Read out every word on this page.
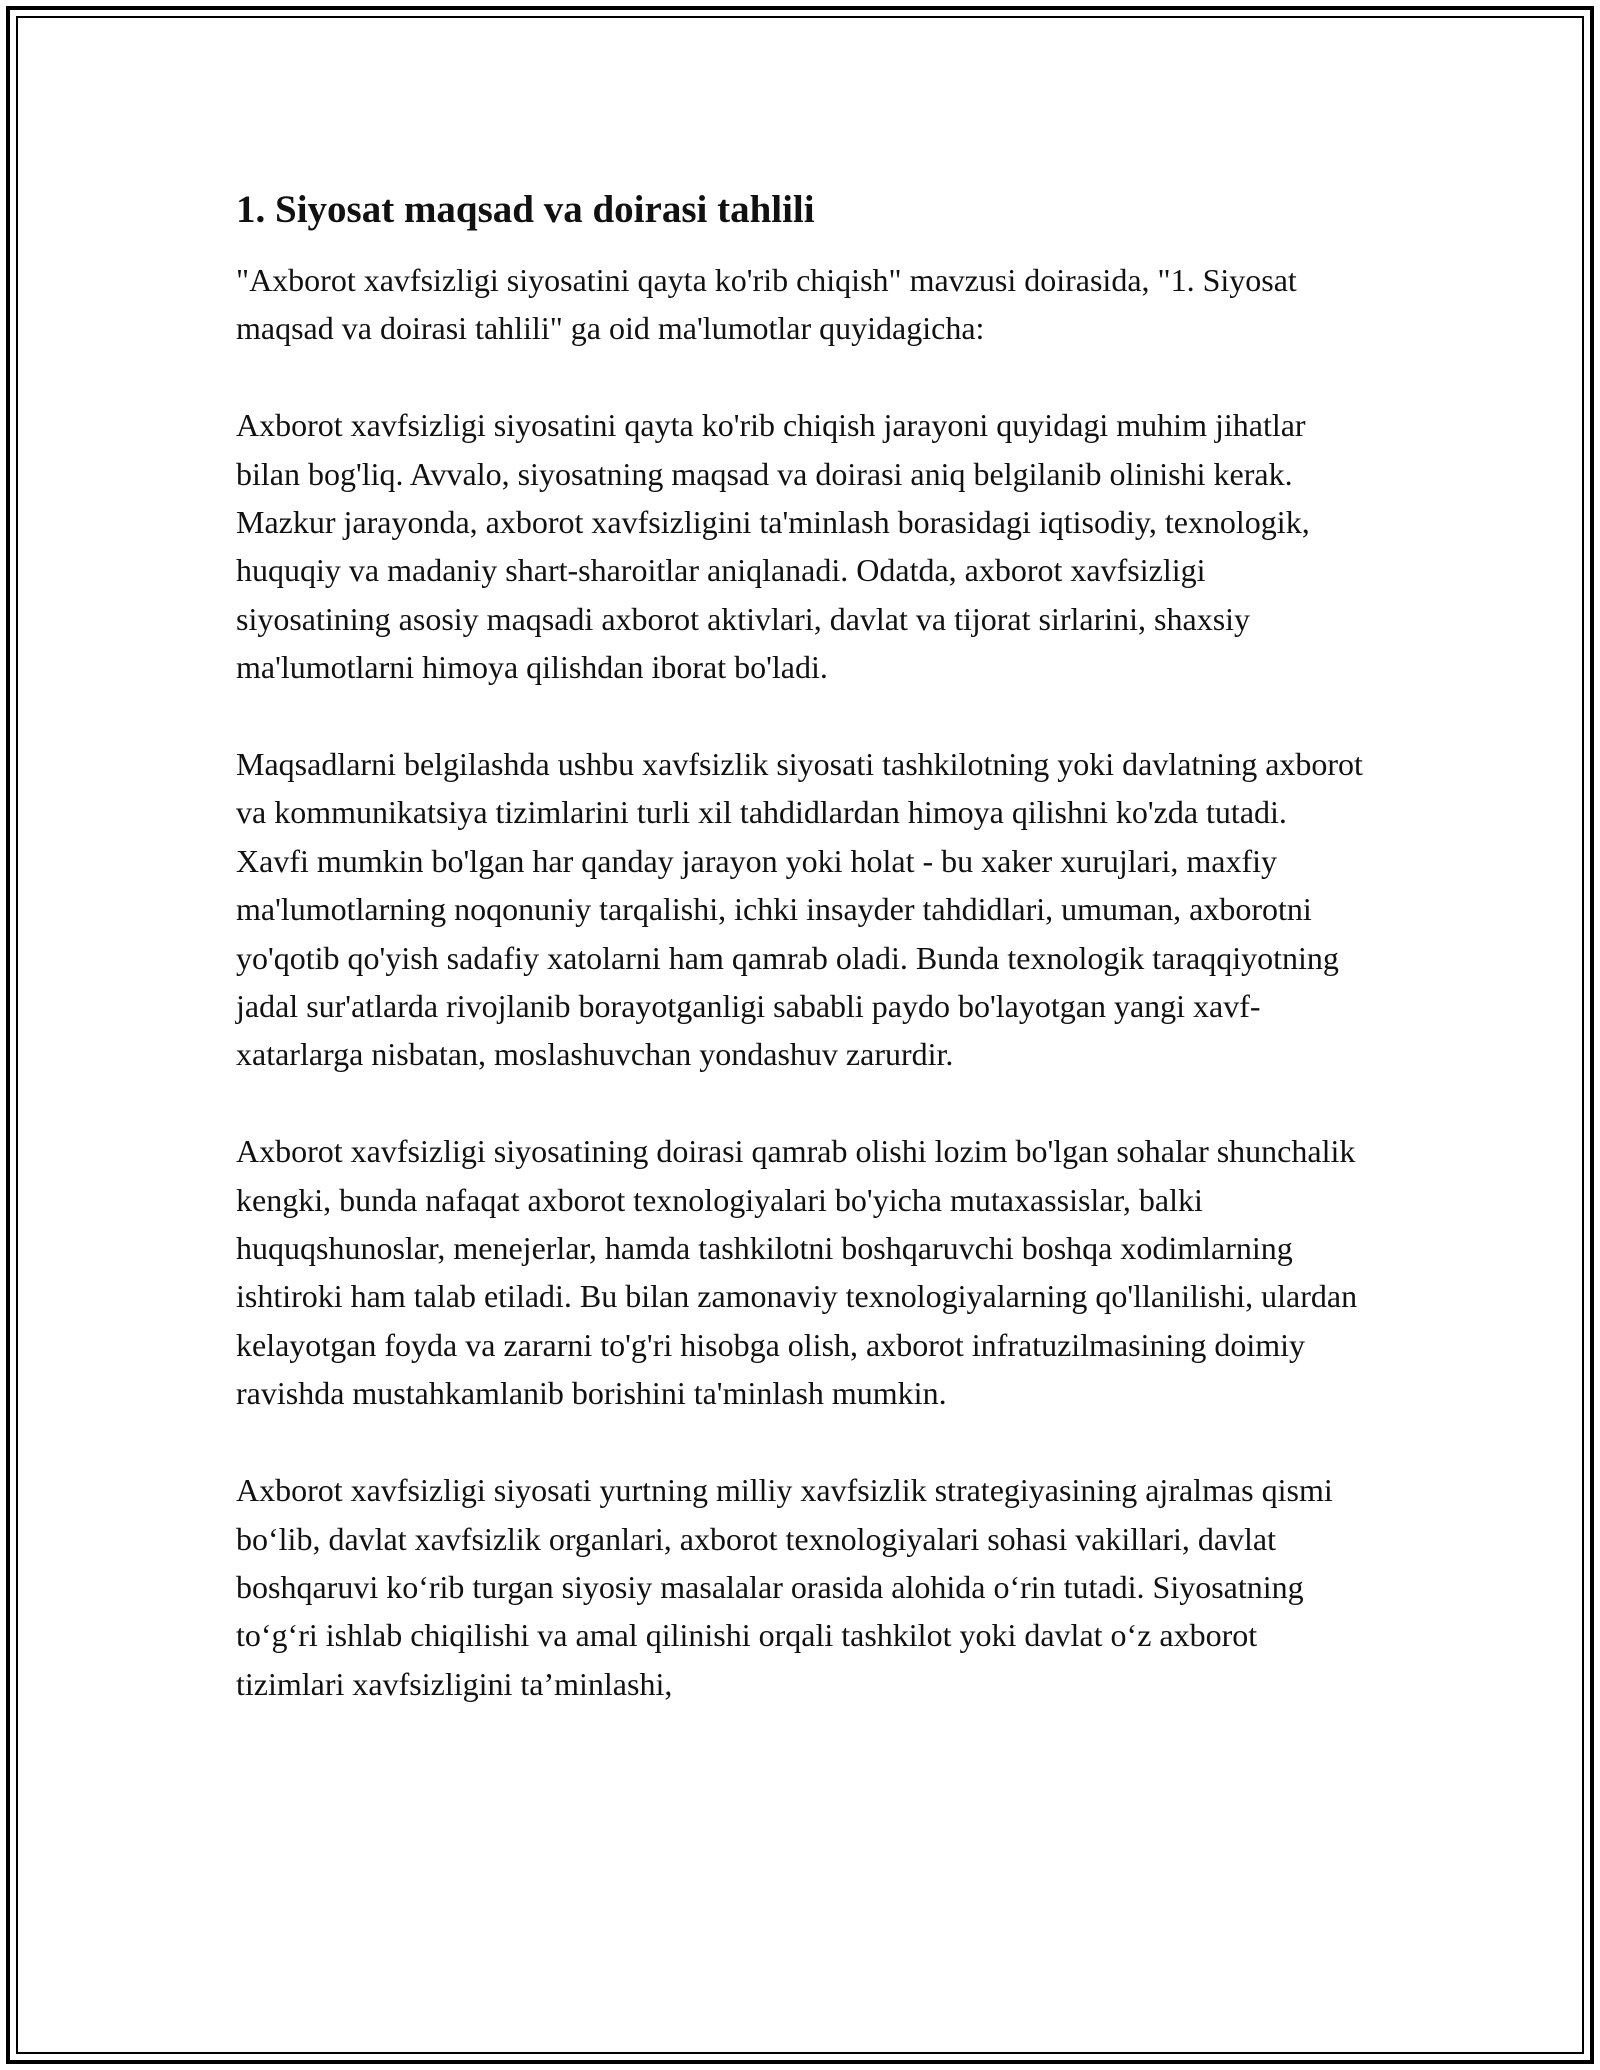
1. Siyosat maqsad va doirasi tahlili

"Axborot xavfsizligi siyosatini qayta ko'rib chiqish" mavzusi doirasida, "1. Siyosat maqsad va doirasi tahlili" ga oid ma'lumotlar quyidagicha:

Axborot xavfsizligi siyosatini qayta ko'rib chiqish jarayoni quyidagi muhim jihatlar bilan bog'liq. Avvalo, siyosatning maqsad va doirasi aniq belgilanib olinishi kerak. Mazkur jarayonda, axborot xavfsizligini ta'minlash borasidagi iqtisodiy, texnologik, huquqiy va madaniy shart-sharoitlar aniqlanadi. Odatda, axborot xavfsizligi siyosatining asosiy maqsadi axborot aktivlari, davlat va tijorat sirlarini, shaxsiy ma'lumotlarni himoya qilishdan iborat bo'ladi.

Maqsadlarni belgilashda ushbu xavfsizlik siyosati tashkilotning yoki davlatning axborot va kommunikatsiya tizimlarini turli xil tahdidlardan himoya qilishni ko'zda tutadi. Xavfi mumkin bo'lgan har qanday jarayon yoki holat - bu xaker xurujlari, maxfiy ma'lumotlarning noqonuniy tarqalishi, ichki insayder tahdidlari, umuman, axborotni yo'qotib qo'yish sadafiy xatolarni ham qamrab oladi. Bunda texnologik taraqqiyotning jadal sur'atlarda rivojlanib borayotganligi sababli paydo bo'layotgan yangi xavf-xatarlarga nisbatan, moslashuvchan yondashuv zarurdir.

Axborot xavfsizligi siyosatining doirasi qamrab olishi lozim bo'lgan sohalar shunchalik kengki, bunda nafaqat axborot texnologiyalari bo'yicha mutaxassislar, balki huquqshunoslar, menejerlar, hamda tashkilotni boshqaruvchi boshqa xodimlarning ishtiroki ham talab etiladi. Bu bilan zamonaviy texnologiyalarning qo'llanilishi, ulardan kelayotgan foyda va zararni to'g'ri hisobga olish, axborot infratuzilmasining doimiy ravishda mustahkamlanib borishini ta'minlash mumkin.

Axborot xavfsizligi siyosati yurtning milliy xavfsizlik strategiyasining ajralmas qismi bo‘lib, davlat xavfsizlik organlari, axborot texnologiyalari sohasi vakillari, davlat boshqaruvi ko‘rib turgan siyosiy masalalar orasida alohida o‘rin tutadi. Siyosatning to‘g‘ri ishlab chiqilishi va amal qilinishi orqali tashkilot yoki davlat o‘z axborot tizimlari xavfsizligini ta’minlashi,
